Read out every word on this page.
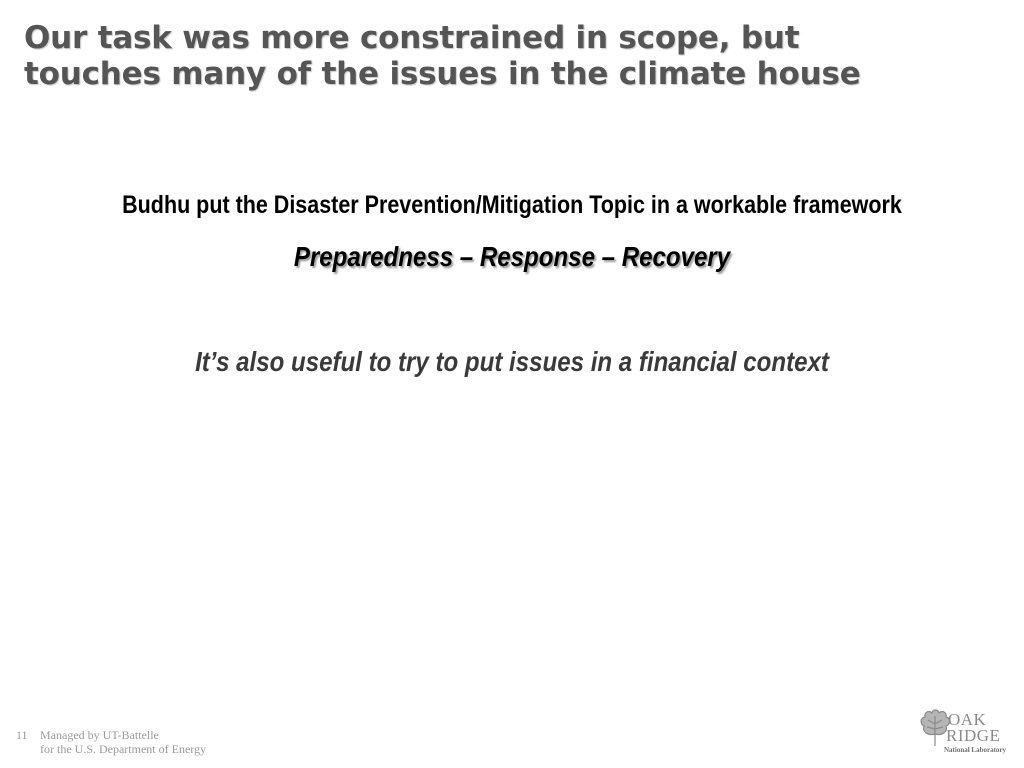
Our task was more constrained in scope, but
touches many of the issues in the climate house
Budhu put the Disaster Prevention/Mitigation Topic in a workable framework
Preparedness – Response – Recovery
It’s also useful to try to put issues in a financial context
11	Managed by UT-Battelle
for the U.S. Department of Energy
OAK
RIDGE
National Laboratory
